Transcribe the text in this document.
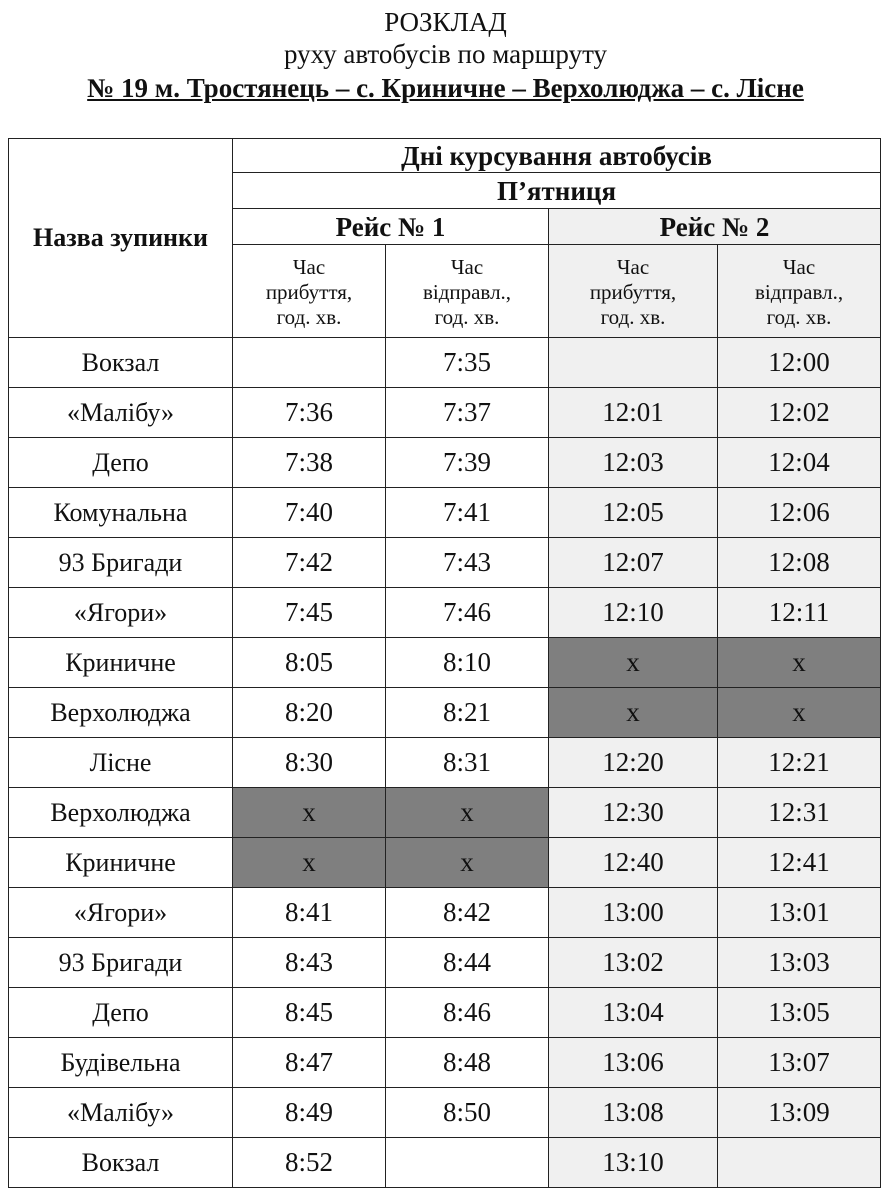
РОЗКЛАД
руху автобусів по маршруту
№ 19 м. Тростянець – с. Криничне – Верхолюджа – с. Лісне
Назва зупинки	Дні курсування автобусів			
	П’ятниця			
	Рейс № 1		Рейс № 2	

	Час прибуття, год. хв.	Час відправл., год. хв.	Час прибуття, год. хв.	Час відправл., год. хв.

Вокзал		7:35		12:00
«Малібу»	7:36	7:37	12:01	12:02
Депо	7:38	7:39	12:03	12:04
Комунальна	7:40	7:41	12:05	12:06
93 Бригади	7:42	7:43	12:07	12:08
«Ягори»	7:45	7:46	12:10	12:11
Криничне	8:05	8:10	х	х
Верхолюджа	8:20	8:21	х	х
Лісне	8:30	8:31	12:20	12:21
Верхолюджа	х	х	12:30	12:31
Криничне	х	х	12:40	12:41
«Ягори»	8:41	8:42	13:00	13:01
93 Бригади	8:43	8:44	13:02	13:03
Депо	8:45	8:46	13:04	13:05
Будівельна	8:47	8:48	13:06	13:07
«Малібу»	8:49	8:50	13:08	13:09
Вокзал	8:52		13:10	
